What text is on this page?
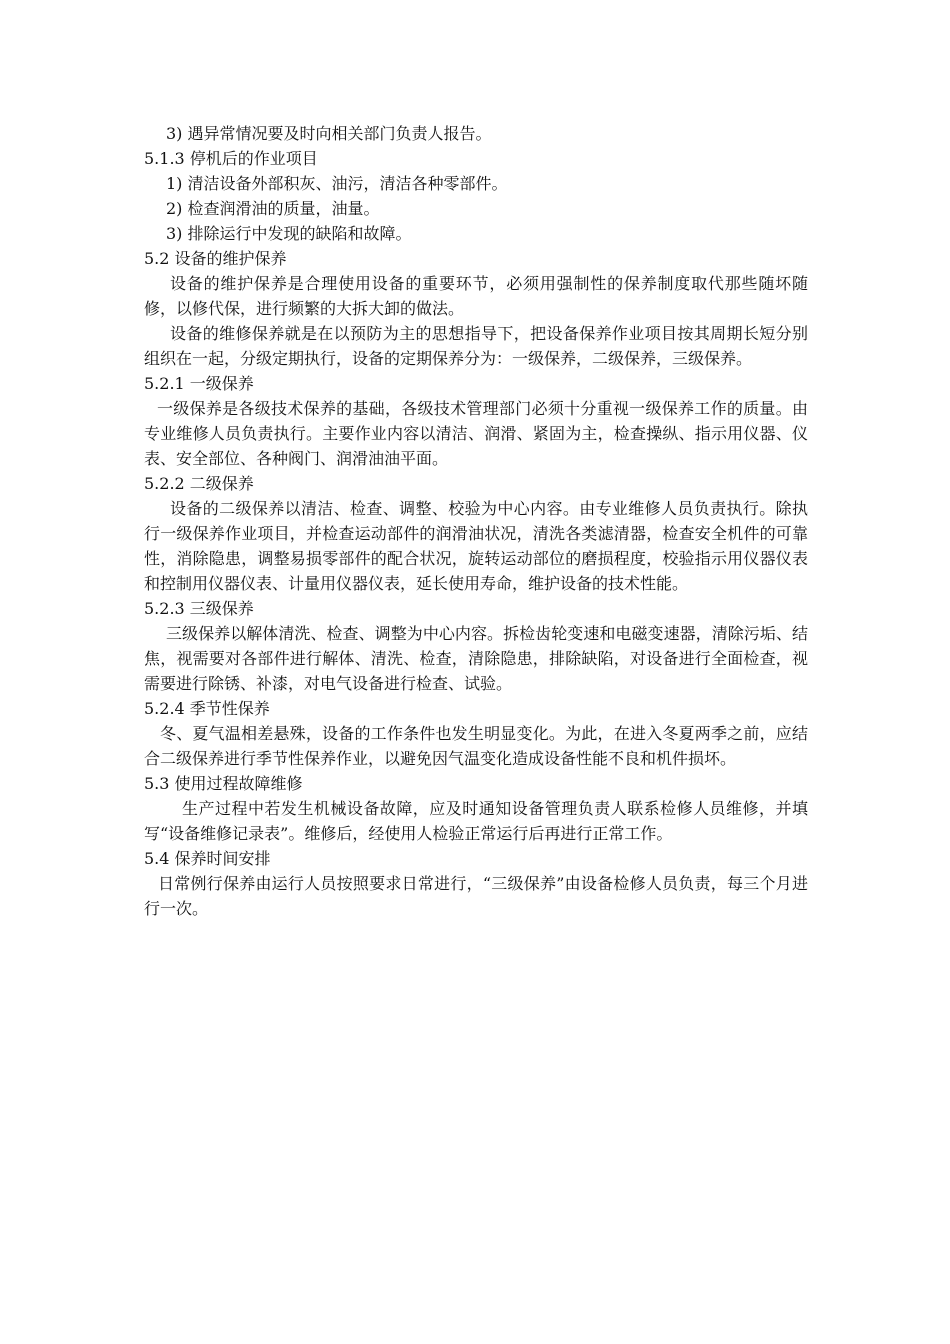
3) 遇异常情况要及时向相关部门负责人报告。
5.1.3 停机后的作业项目
1) 清洁设备外部积灰、油污，清洁各种零部件。
2) 检查润滑油的质量，油量。
3) 排除运行中发现的缺陷和故障。
5.2 设备的维护保养
设备的维护保养是合理使用设备的重要环节，必须用强制性的保养制度取代那些随坏随修，以修代保，进行频繁的大拆大卸的做法。
设备的维修保养就是在以预防为主的思想指导下，把设备保养作业项目按其周期长短分别组织在一起，分级定期执行，设备的定期保养分为：一级保养，二级保养，三级保养。
5.2.1 一级保养
一级保养是各级技术保养的基础，各级技术管理部门必须十分重视一级保养工作的质量。由专业维修人员负责执行。主要作业内容以清洁、润滑、紧固为主，检查操纵、指示用仪器、仪表、安全部位、各种阀门、润滑油油平面。
5.2.2 二级保养
设备的二级保养以清洁、检查、调整、校验为中心内容。由专业维修人员负责执行。除执行一级保养作业项目，并检查运动部件的润滑油状况，清洗各类滤清器，检查安全机件的可靠性，消除隐患，调整易损零部件的配合状况，旋转运动部位的磨损程度，校验指示用仪器仪表和控制用仪器仪表、计量用仪器仪表，延长使用寿命，维护设备的技术性能。
5.2.3 三级保养
三级保养以解体清洗、检查、调整为中心内容。拆检齿轮变速和电磁变速器，清除污垢、结焦，视需要对各部件进行解体、清洗、检查，清除隐患，排除缺陷，对设备进行全面检查，视需要进行除锈、补漆，对电气设备进行检查、试验。
5.2.4 季节性保养
冬、夏气温相差悬殊，设备的工作条件也发生明显变化。为此，在进入冬夏两季之前，应结合二级保养进行季节性保养作业，以避免因气温变化造成设备性能不良和机件损坏。
5.3 使用过程故障维修
生产过程中若发生机械设备故障，应及时通知设备管理负责人联系检修人员维修，并填写“设备维修记录表”。维修后，经使用人检验正常运行后再进行正常工作。
5.4 保养时间安排
日常例行保养由运行人员按照要求日常进行，“三级保养”由设备检修人员负责，每三个月进行一次。
